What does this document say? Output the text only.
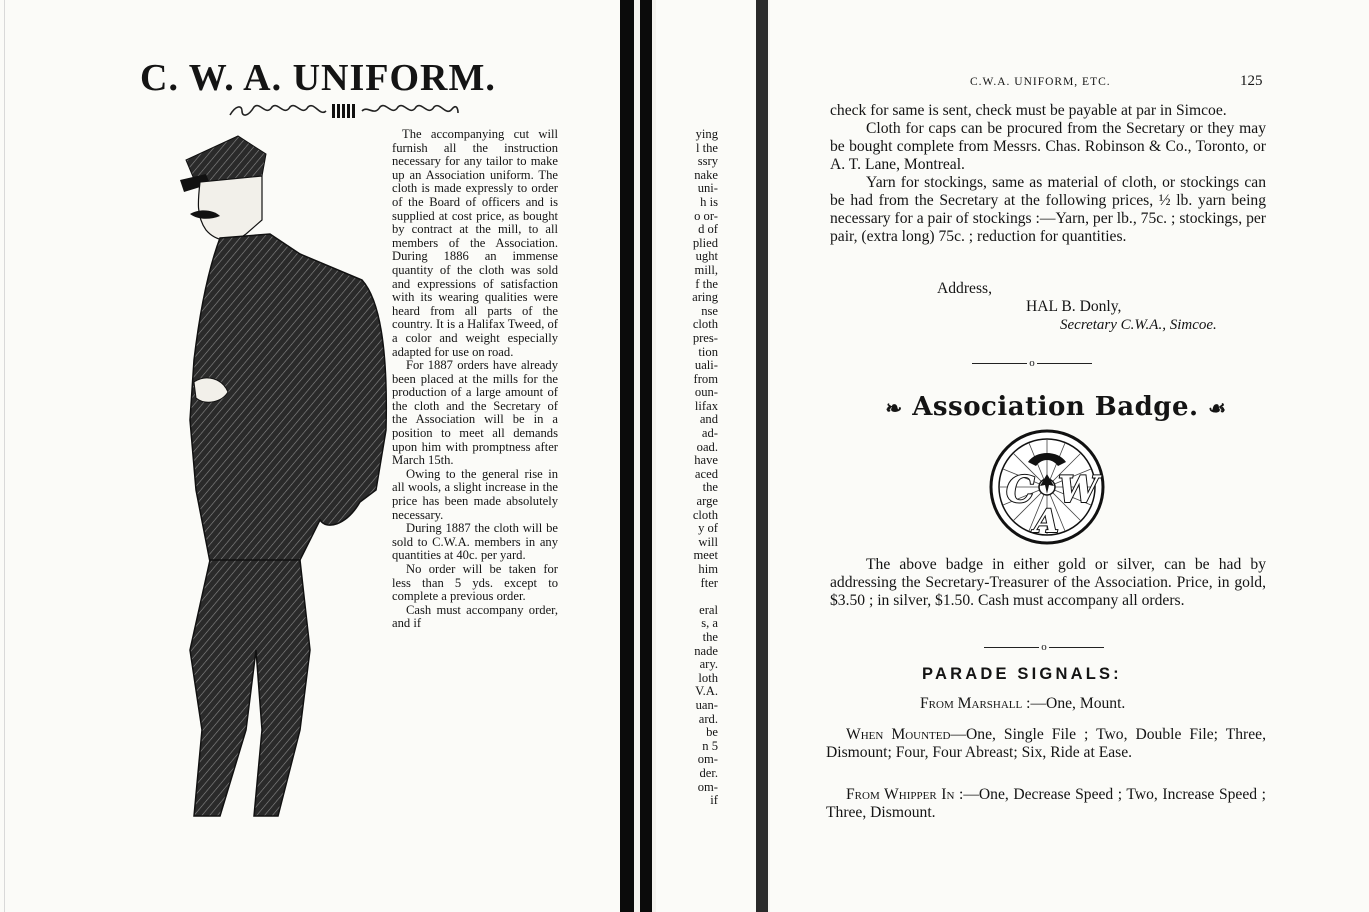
C. W. A. UNIFORM.

The accompanying cut will furnish all the instruction necessary for any tailor to make up an Association uniform. The cloth is made expressly to order of the Board of officers and is supplied at cost price, as bought by contract at the mill, to all members of the Association. During 1886 an immense quantity of the cloth was sold and expressions of satisfaction with its wearing qualities were heard from all parts of the country. It is a Halifax Tweed, of a color and weight especially adapted for use on road.

For 1887 orders have already been placed at the mills for the production of a large amount of the cloth and the Secretary of the Association will be in a position to meet all demands upon him with promptness after March 15th.

Owing to the general rise in all wools, a slight increase in the price has been made absolutely necessary.

During 1887 the cloth will be sold to C.W.A. members in any quantities at 40c. per yard.

No order will be taken for less than 5 yds. except to complete a previous order.

Cash must accompany order, and if

ying
l the
ssry
nake
uni-
h is
o or-
d of
plied
ught
mill,
f the
aring
nse
cloth
pres-
tion
uali-
from
oun-
lifax
and
ad-
oad.
have
aced
the
arge
cloth
y of
will
meet
him
fter
eral
s, a
the
nade
ary.
loth
V.A.
uan-
ard.
be
n 5
om-
der.
om-
if
C.W.A. UNIFORM, ETC.	125

check for same is sent, check must be payable at par in Simcoe.

Cloth for caps can be procured from the Secretary or they may be bought complete from Messrs. Chas. Robinson & Co., Toronto, or A. T. Lane, Montreal.

Yarn for stockings, same as material of cloth, or stockings can be had from the Secretary at the following prices, ½ lb. yarn being necessary for a pair of stockings :—Yarn, per lb., 75c. ; stockings, per pair, (extra long) 75c. ; reduction for quantities.

Address,
HAL B. Donly,
Secretary C.W.A., Simcoe.
o
❧ Association Badge. ☙
C W
A

The above badge in either gold or silver, can be had by addressing the Secretary-Treasurer of the Association. Price, in gold, $3.50 ; in silver, $1.50. Cash must accompany all orders.

o
PARADE SIGNALS:
From Marshall :—One, Mount.

When Mounted—One, Single File ; Two, Double File; Three, Dismount; Four, Four Abreast; Six, Ride at Ease.

From Whipper In :—One, Decrease Speed ; Two, Increase Speed ; Three, Dismount.
